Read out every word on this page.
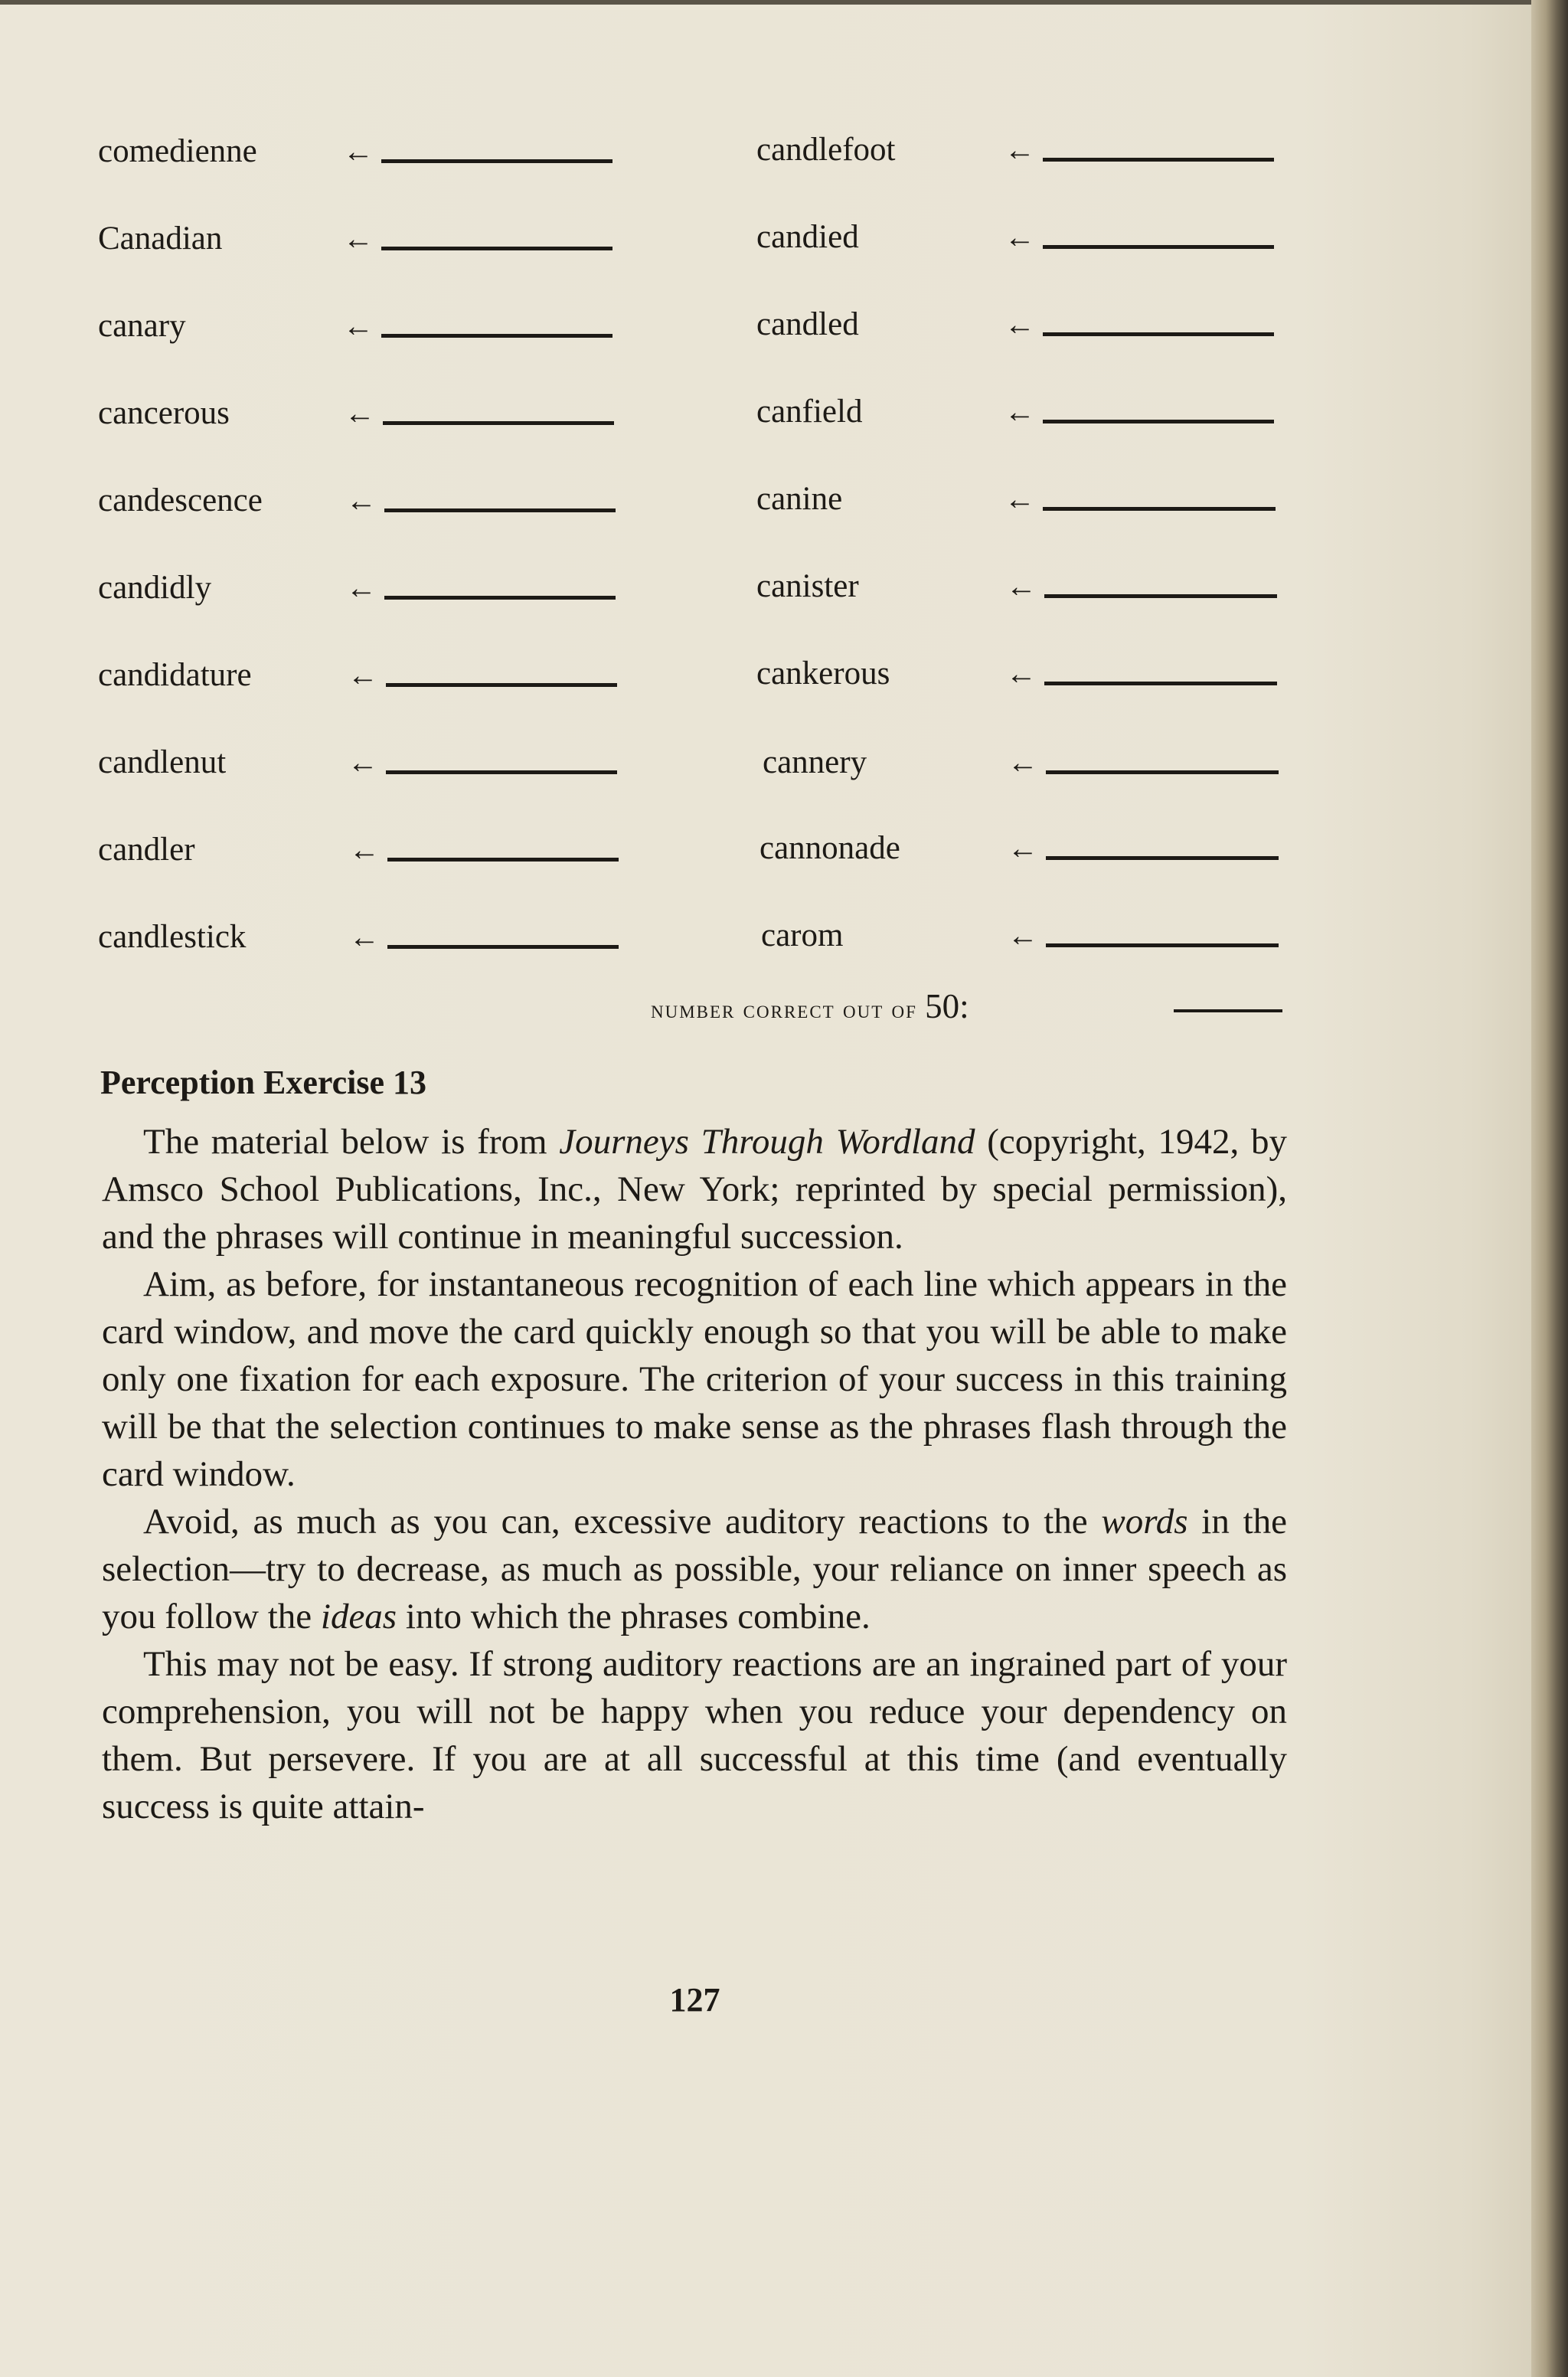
comedienne	←
Canadian	←
canary	←
cancerous	←
candescence	←
candidly	←
candidature	←
candlenut	←
candler	←
candlestick	←
candlefoot	←
candied	←
candled	←
canfield	←
canine	←
canister	←
cankerous	←
cannery	←
cannonade	←
carom	←
number correct out of 50:
Perception Exercise 13

The material below is from Journeys Through Wordland (copyright, 1942, by Amsco School Publications, Inc., New York; reprinted by special permission), and the phrases will continue in meaningful succession.

Aim, as before, for instantaneous recognition of each line which appears in the card window, and move the card quickly enough so that you will be able to make only one fixation for each exposure. The criterion of your success in this training will be that the selection continues to make sense as the phrases flash through the card window.

Avoid, as much as you can, excessive auditory reactions to the words in the selection—try to decrease, as much as possible, your reliance on inner speech as you follow the ideas into which the phrases combine.

This may not be easy. If strong auditory reactions are an ingrained part of your comprehension, you will not be happy when you reduce your dependency on them. But persevere. If you are at all successful at this time (and eventually success is quite attain-

127
